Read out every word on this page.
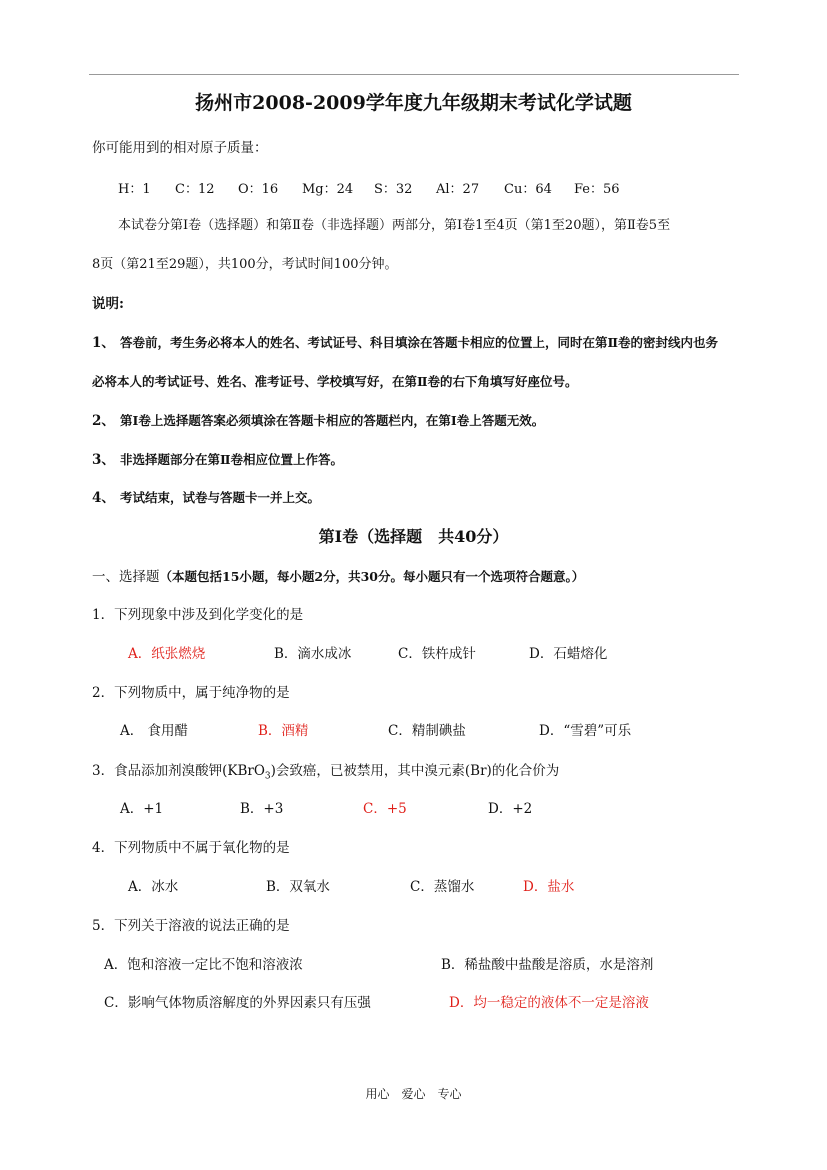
扬州市2008-2009学年度九年级期末考试化学试题
你可能用到的相对原子质量：
H：1 C：12 O：16 Mg：24 S：32 Al：27 Cu：64 Fe：56
本试卷分第Ⅰ卷（选择题）和第Ⅱ卷（非选择题）两部分，第Ⅰ卷1至4页（第1至20题），第Ⅱ卷5至
8页（第21至29题），共100分，考试时间100分钟。
说明:
1、 答卷前，考生务必将本人的姓名、考试证号、科目填涂在答题卡相应的位置上，同时在第Ⅱ卷的密封线内也务
必将本人的考试证号、姓名、准考证号、学校填写好，在第Ⅱ卷的右下角填写好座位号。
2、 第Ⅰ卷上选择题答案必须填涂在答题卡相应的答题栏内，在第Ⅰ卷上答题无效。
3、 非选择题部分在第Ⅱ卷相应位置上作答。
4、 考试结束，试卷与答题卡一并上交。
第Ⅰ卷（选择题　共40分）
一、选择题（本题包括15小题，每小题2分，共30分。每小题只有一个选项符合题意。）
1．下列现象中涉及到化学变化的是
A．纸张燃烧	B．滴水成冰	C．铁杵成针	D．石蜡熔化
2．下列物质中，属于纯净物的是
A． 食用醋	B．酒精	C．精制碘盐	D．“雪碧”可乐
3．食品添加剂溴酸钾(KBrO$_3$)会致癌，已被禁用，其中溴元素(Br)的化合价为
A．+1	B．+3	C．+5	D．+2
4．下列物质中不属于氧化物的是
A．冰水	B．双氧水	C．蒸馏水	D．盐水
5．下列关于溶液的说法正确的是
A．饱和溶液一定比不饱和溶液浓	B．稀盐酸中盐酸是溶质，水是溶剂
C．影响气体物质溶解度的外界因素只有压强	D．均一稳定的液体不一定是溶液
用心　爱心　专心
